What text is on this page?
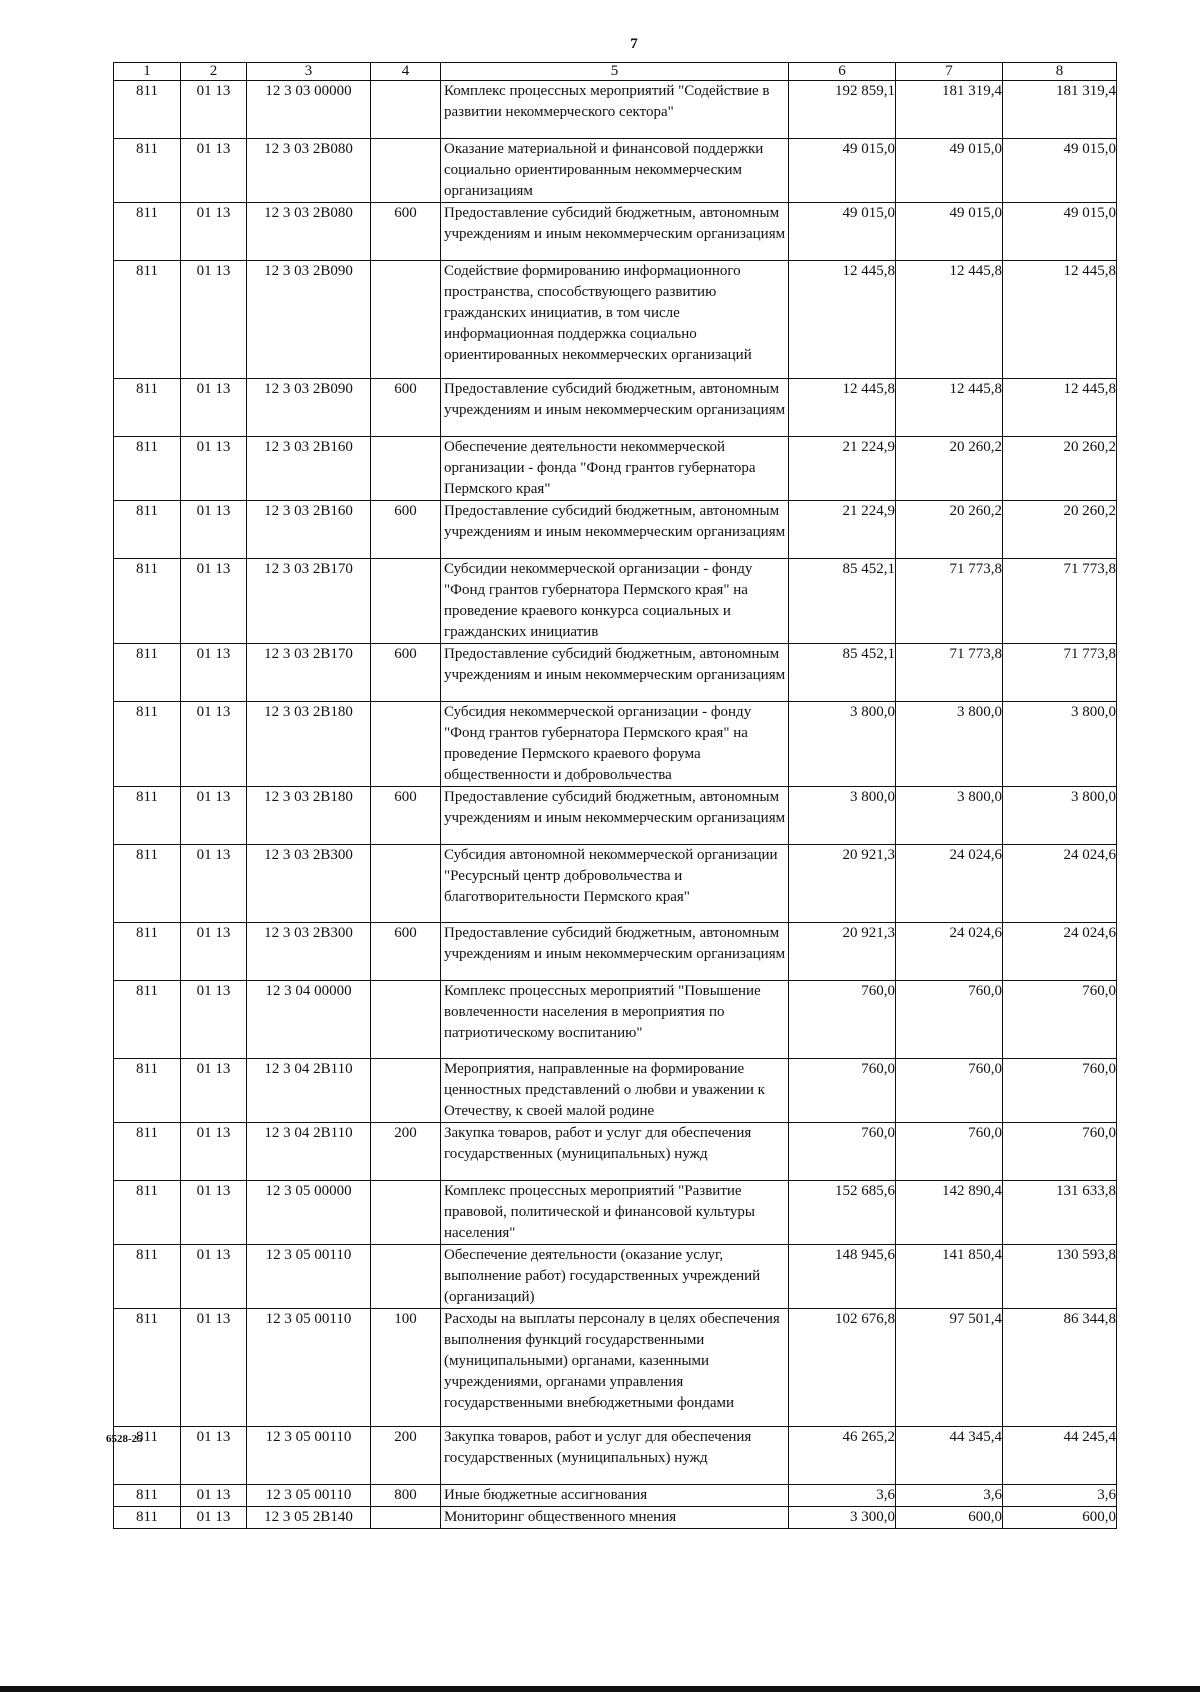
7
1	2	3	4	5	6	7	8
811	01 13	12 3 03 00000		Комплекс процессных мероприятий "Содействие в развитии некоммерческого сектора"	192 859,1	181 319,4	181 319,4
811	01 13	12 3 03 2B080		Оказание материальной и финансовой поддержки социально ориентированным некоммерческим организациям	49 015,0	49 015,0	49 015,0
811	01 13	12 3 03 2B080	600	Предоставление субсидий бюджетным, автономным учреждениям и иным некоммерческим организациям	49 015,0	49 015,0	49 015,0
811	01 13	12 3 03 2B090		Содействие формированию информационного пространства, способствующего развитию гражданских инициатив, в том числе информационная поддержка социально ориентированных некоммерческих организаций	12 445,8	12 445,8	12 445,8
811	01 13	12 3 03 2B090	600	Предоставление субсидий бюджетным, автономным учреждениям и иным некоммерческим организациям	12 445,8	12 445,8	12 445,8
811	01 13	12 3 03 2B160		Обеспечение деятельности некоммерческой организации - фонда "Фонд грантов губернатора Пермского края"	21 224,9	20 260,2	20 260,2
811	01 13	12 3 03 2B160	600	Предоставление субсидий бюджетным, автономным учреждениям и иным некоммерческим организациям	21 224,9	20 260,2	20 260,2
811	01 13	12 3 03 2B170		Субсидии некоммерческой организации - фонду "Фонд грантов губернатора Пермского края" на проведение краевого конкурса социальных и гражданских инициатив	85 452,1	71 773,8	71 773,8
811	01 13	12 3 03 2B170	600	Предоставление субсидий бюджетным, автономным учреждениям и иным некоммерческим организациям	85 452,1	71 773,8	71 773,8
811	01 13	12 3 03 2B180		Субсидия некоммерческой организации - фонду "Фонд грантов губернатора Пермского края" на проведение Пермского краевого форума общественности и добровольчества	3 800,0	3 800,0	3 800,0
811	01 13	12 3 03 2B180	600	Предоставление субсидий бюджетным, автономным учреждениям и иным некоммерческим организациям	3 800,0	3 800,0	3 800,0
811	01 13	12 3 03 2B300		Субсидия автономной некоммерческой организации "Ресурсный центр добровольчества и благотворительности Пермского края"	20 921,3	24 024,6	24 024,6
811	01 13	12 3 03 2B300	600	Предоставление субсидий бюджетным, автономным учреждениям и иным некоммерческим организациям	20 921,3	24 024,6	24 024,6
811	01 13	12 3 04 00000		Комплекс процессных мероприятий "Повышение вовлеченности населения в мероприятия по патриотическому воспитанию"	760,0	760,0	760,0
811	01 13	12 3 04 2B110		Мероприятия, направленные на формирование ценностных представлений о любви и уважении к Отечеству, к своей малой родине	760,0	760,0	760,0
811	01 13	12 3 04 2B110	200	Закупка товаров, работ и услуг для обеспечения государственных (муниципальных) нужд	760,0	760,0	760,0
811	01 13	12 3 05 00000		Комплекс процессных мероприятий "Развитие правовой, политической и финансовой культуры населения"	152 685,6	142 890,4	131 633,8
811	01 13	12 3 05 00110		Обеспечение деятельности (оказание услуг, выполнение работ) государственных учреждений (организаций)	148 945,6	141 850,4	130 593,8
811	01 13	12 3 05 00110	100	Расходы на выплаты персоналу в целях обеспечения выполнения функций государственными (муниципальными) органами, казенными учреждениями, органами управления государственными внебюджетными фондами	102 676,8	97 501,4	86 344,8
811	01 13	12 3 05 00110	200	Закупка товаров, работ и услуг для обеспечения государственных (муниципальных) нужд	46 265,2	44 345,4	44 245,4
811	01 13	12 3 05 00110	800	Иные бюджетные ассигнования	3,6	3,6	3,6
811	01 13	12 3 05 2B140		Мониторинг общественного мнения	3 300,0	600,0	600,0
6528-25
